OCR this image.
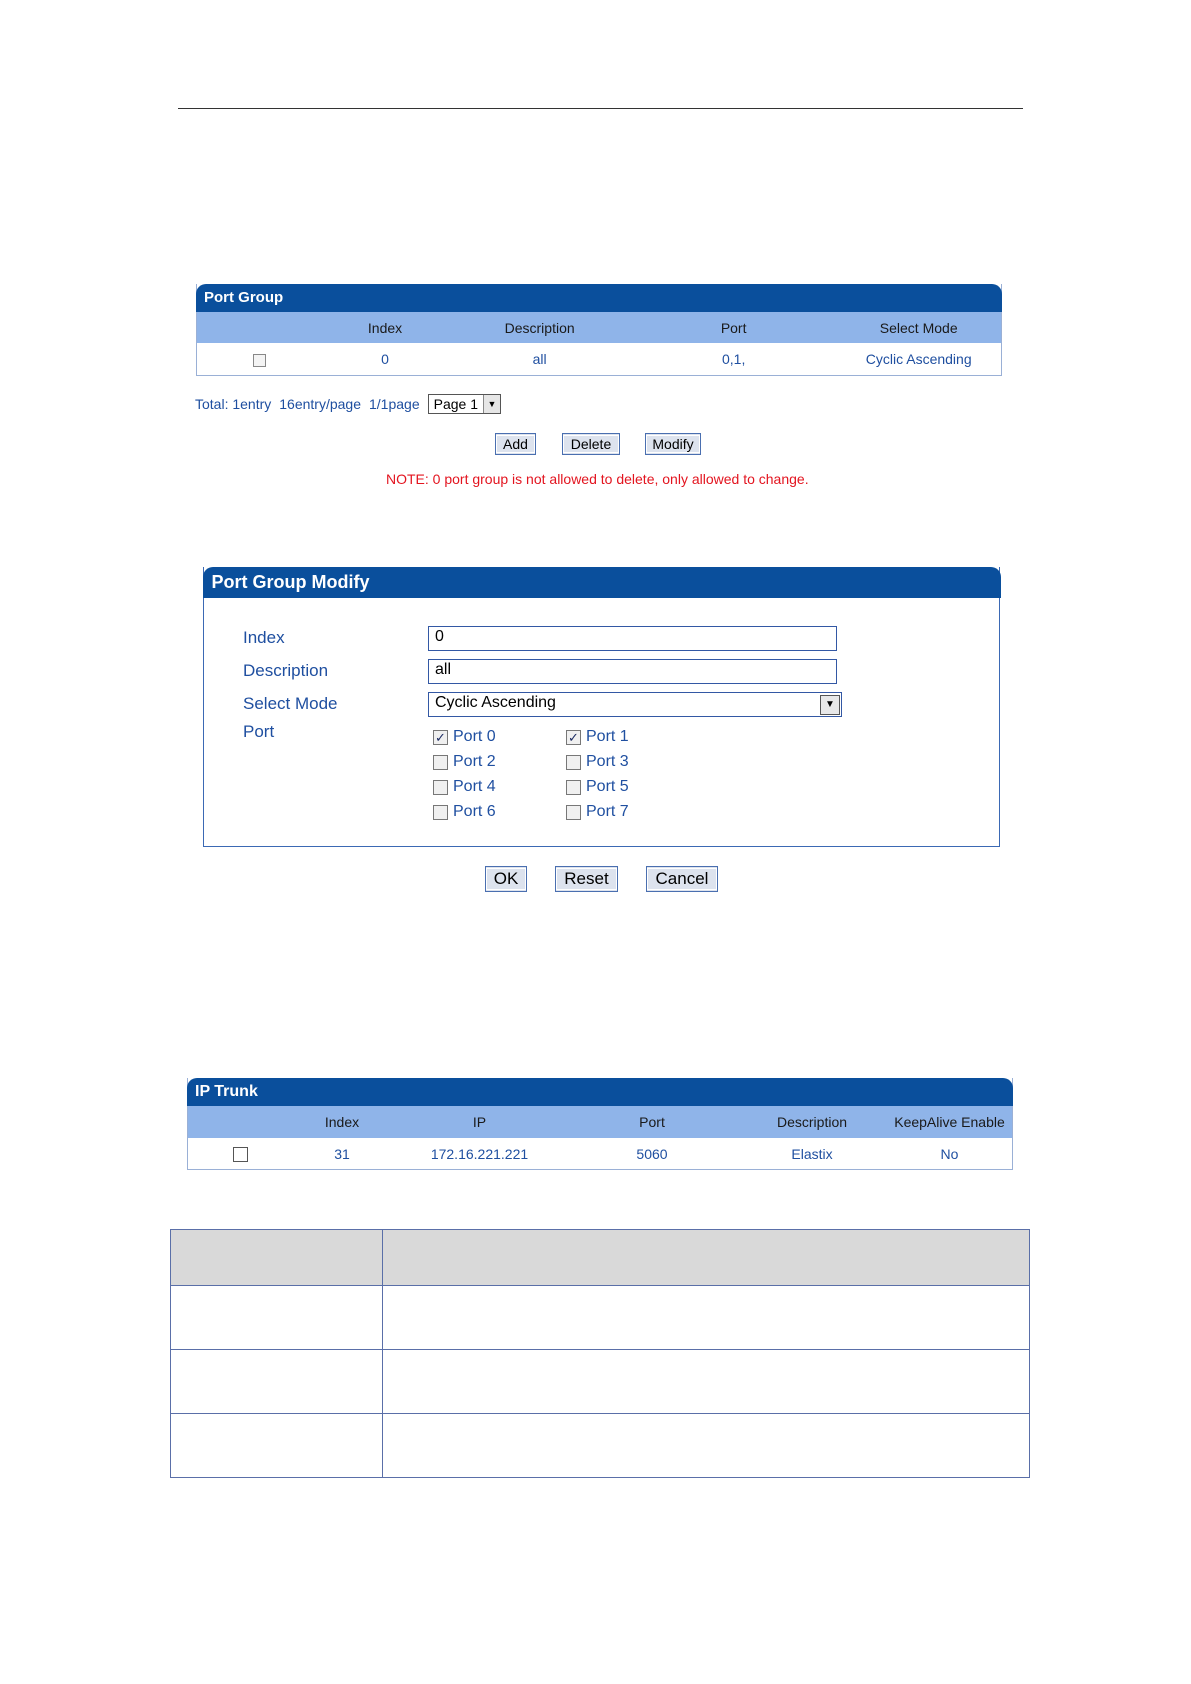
Port Group
Index	Description	Port	Select Mode
0	all	0,1,	Cyclic Ascending
Total: 1entry 16entry/page 1/1page	Page 1	▼
Add	Delete	Modify
NOTE: 0 port group is not allowed to delete, only allowed to change.
Port Group Modify
Index	0
Description	all
Select Mode	Cyclic Ascending	▼
Port	✓ Port 0	✓ Port 1
Port 2	Port 3
Port 4	Port 5
Port 6	Port 7
OK	Reset	Cancel
IP Trunk
Index	IP	Port	Description	KeepAlive Enable
31	172.16.221.221	5060	Elastix	No
